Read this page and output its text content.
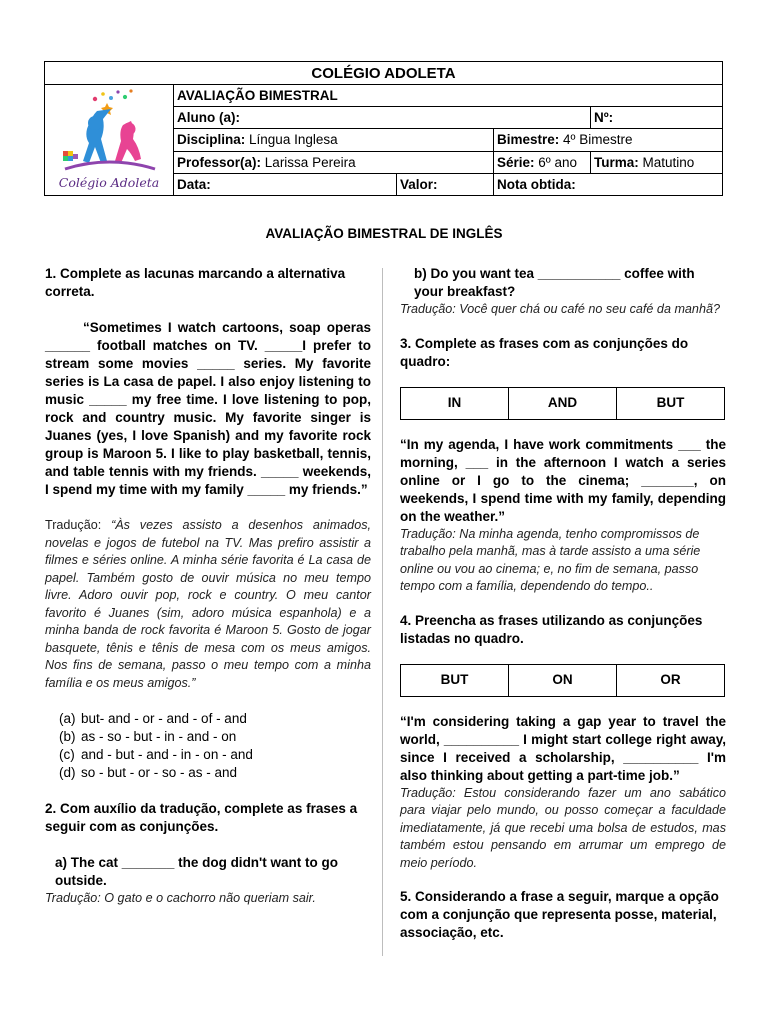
COLÉGIO ADOLETA				

Colégio Adoleta	AVALIAÇÃO BIMESTRAL			
	Aluno (a):			Nº:
	Disciplina: Língua Inglesa		Bimestre: 4º Bimestre	
	Professor(a): Larissa Pereira		Série: 6º ano	Turma: Matutino
	Data:	Valor:	Nota obtida:	
AVALIAÇÃO BIMESTRAL DE INGLÊS

1. Complete as lacunas marcando a alternativa correta.

“Sometimes I watch cartoons, soap operas ______ football matches on TV. _____I prefer to stream some movies _____ series. My favorite series is La casa de papel. I also enjoy listening to music _____ my free time. I love listening to pop, rock and country music. My favorite singer is Juanes (yes, I love Spanish) and my favorite rock group is Maroon 5. I like to play basketball, tennis, and table tennis with my friends. _____ weekends, I spend my time with my family _____ my friends.”

Tradução: “Às vezes assisto a desenhos animados, novelas e jogos de futebol na TV. Mas prefiro assistir a filmes e séries online. A minha série favorita é La casa de papel. Também gosto de ouvir música no meu tempo livre. Adoro ouvir pop, rock e country. O meu cantor favorito é Juanes (sim, adoro música espanhola) e a minha banda de rock favorita é Maroon 5. Gosto de jogar basquete, tênis e tênis de mesa com os meus amigos. Nos fins de semana, passo o meu tempo com a minha família e os meus amigos.”

(a) but- and - or - and - of - and
(b) as - so - but - in - and - on
(c) and - but - and - in - on - and
(d) so - but - or - so - as - and

2. Com auxílio da tradução, complete as frases a seguir com as conjunções.

a) The cat _______ the dog didn't want to go outside.

Tradução: O gato e o cachorro não queriam sair.

b) Do you want tea ___________ coffee with your breakfast?

Tradução: Você quer chá ou café no seu café da manhã?

3. Complete as frases com as conjunções do quadro:

IN	AND	BUT

“In my agenda, I have work commitments ___ the morning, ___ in the afternoon I watch a series online or I go to the cinema; _______, on weekends, I spend time with my family, depending on the weather.”

Tradução: Na minha agenda, tenho compromissos de trabalho pela manhã, mas à tarde assisto a uma série online ou vou ao cinema; e, no fim de semana, passo tempo com a família, dependendo do tempo..

4. Preencha as frases utilizando as conjunções listadas no quadro.

BUT	ON	OR

“I'm considering taking a gap year to travel the world, __________ I might start college right away, since I received a scholarship, __________ I'm also thinking about getting a part-time job.”

Tradução: Estou considerando fazer um ano sabático para viajar pelo mundo, ou posso começar a faculdade imediatamente, já que recebi uma bolsa de estudos, mas também estou pensando em arrumar um emprego de meio período.

5. Considerando a frase a seguir, marque a opção com a conjunção que representa posse, material, associação, etc.
